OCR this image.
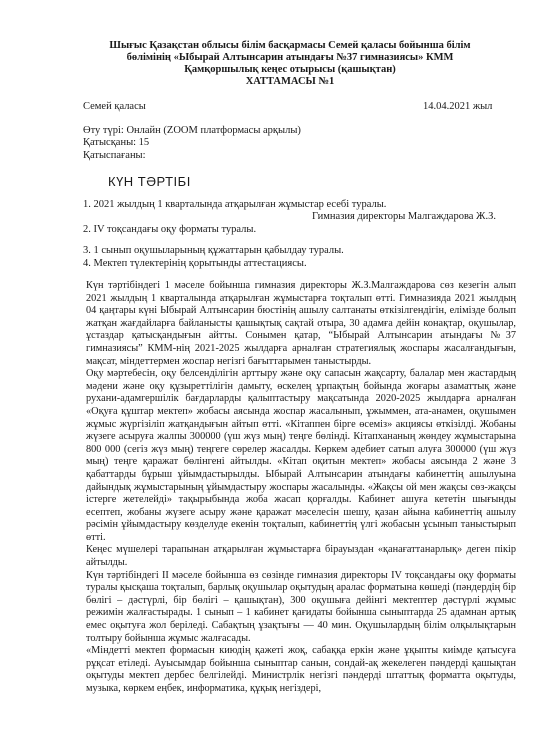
Шығыс Қазақстан облысы білім басқармасы Семей қаласы бойынша білім
бөлімінің «Ыбырай Алтынсарин атындағы №37 гимназиясы» КММ
Қамқоршылық кеңес отырысы (қашықтан)
ХАТТАМАСЫ №1
Семей қаласы	14.04.2021 жыл
Өту түрі: Онлайн (ZOOM платформасы арқылы)
Қатысқаны: 15
Қатыспағаны:
КҮН ТӘРТІБІ
1. 2021 жылдың 1 кварталында атқарылған жұмыстар есебі туралы.
Гимназия директоры Малгаждарова Ж.З.
2. IV тоқсандағы оқу форматы туралы.
3. 1 сынып оқушыларының құжаттарын қабылдау туралы.
4. Мектеп түлектерінің қорытынды аттестациясы.

Күн тәртібіндегі 1 мәселе бойынша гимназия директоры Ж.З.Малгаждарова сөз кезегін алып 2021 жылдың 1 кварталында атқарылған жұмыстарға тоқталып өтті. Гимназияда 2021 жылдың 04 қаңтары күні Ыбырай Алтынсарин бюстінің ашылу салтанаты өткізілгендігін, елімізде болып жатқан жағдайларға байланысты қашықтық сақтай отыра, 30 адамға дейін конақтар, оқушылар, ұстаздар қатысқандығын айтты. Сонымен қатар, “Ыбырай Алтынсарин атындағы №37 гимназиясы” КММ-нің 2021-2025 жылдарға арналған стратегиялық жоспары жасалғандығын, мақсат, міндеттермен жоспар негізгі бағыттарымен таныстырды.

Оқу мәртебесін, оқу белсенділігін арттыру және оқу сапасын жақсарту, балалар мен жастардың мәдени және оқу құзыреттілігін дамыту, өскелең ұрпақтың бойында жоғары азаматтық және рухани-адамгершілік бағдарларды қалыптастыру мақсатында 2020-2025 жылдарға арналған «Оқуға құштар мектеп» жобасы аясында жоспар жасалынып, ұжыммен, ата-анамен, оқушымен жұмыс жүргізіліп жатқандығын айтып өтті. «Кітаппен бірге өсеміз» акциясы өткізілді. Жобаны жүзеге асыруға жалпы 300000 (үш жүз мың) теңге бөлінді. Кітапхананың жөндеу жұмыстарына 800 000 (сегіз жүз мың) теңгеге сөрелер жасалды. Көркем әдебиет сатып алуға 300000 (үш жүз мың) теңге қаражат бөлінгені айтылды. «Кітап оқитын мектеп» жобасы аясында 2 және 3 қабаттарды бұрыш ұйымдастырылды. Ыбырай Алтынсарин атындағы кабинеттің ашылуына дайындық жұмыстарының ұйымдастыру жоспары жасалынды. «Жақсы ой мен жақсы сөз-жақсы істерге жетелейді» тақырыбында жоба жасап қорғалды. Кабинет ашуға кететін шығынды есептеп, жобаны жүзеге асыру және қаражат мәселесін шешу, қазан айына кабинеттің ашылу рәсімін ұйымдастыру көзделуде екенін тоқталып, кабинеттің үлгі жобасын ұсынып таныстырып өтті.

Кеңес мүшелері тарапынан атқарылған жұмыстарға бірауыздан «қанағаттанарлық» деген пікір айтылды.

Күн тәртібіндегі II мәселе бойынша өз сөзінде гимназия директоры IV тоқсандағы оқу форматы туралы қысқаша тоқталып, барлық оқушылар оқытудың аралас форматына көшеді (пәндердің бір бөлігі – дәстүрлі, бір бөлігі – қашықтан), 300 оқушыға дейінгі мектептер дәстүрлі жұмыс режимін жалғастырады. 1 сынып – 1 кабинет қағидаты бойынша сыныптарда 25 адамнан артық емес оқытуға жол беріледі. Сабақтың ұзақтығы — 40 мин. Оқушылардың білім олқылықтарын толтыру бойынша жұмыс жалғасады.

«Міндетті мектеп формасын киюдің қажеті жоқ, сабаққа еркін және ұқыпты киімде қатысуға рұқсат етіледі. Ауысымдар бойынша сыныптар санын, сондай-ақ жекелеген пәндерді қашықтан оқытуды мектеп дербес белгілейді. Министрлік негізгі пәндерді штаттық форматта оқытуды, музыка, көркем еңбек, информатика, құқық негіздері,
